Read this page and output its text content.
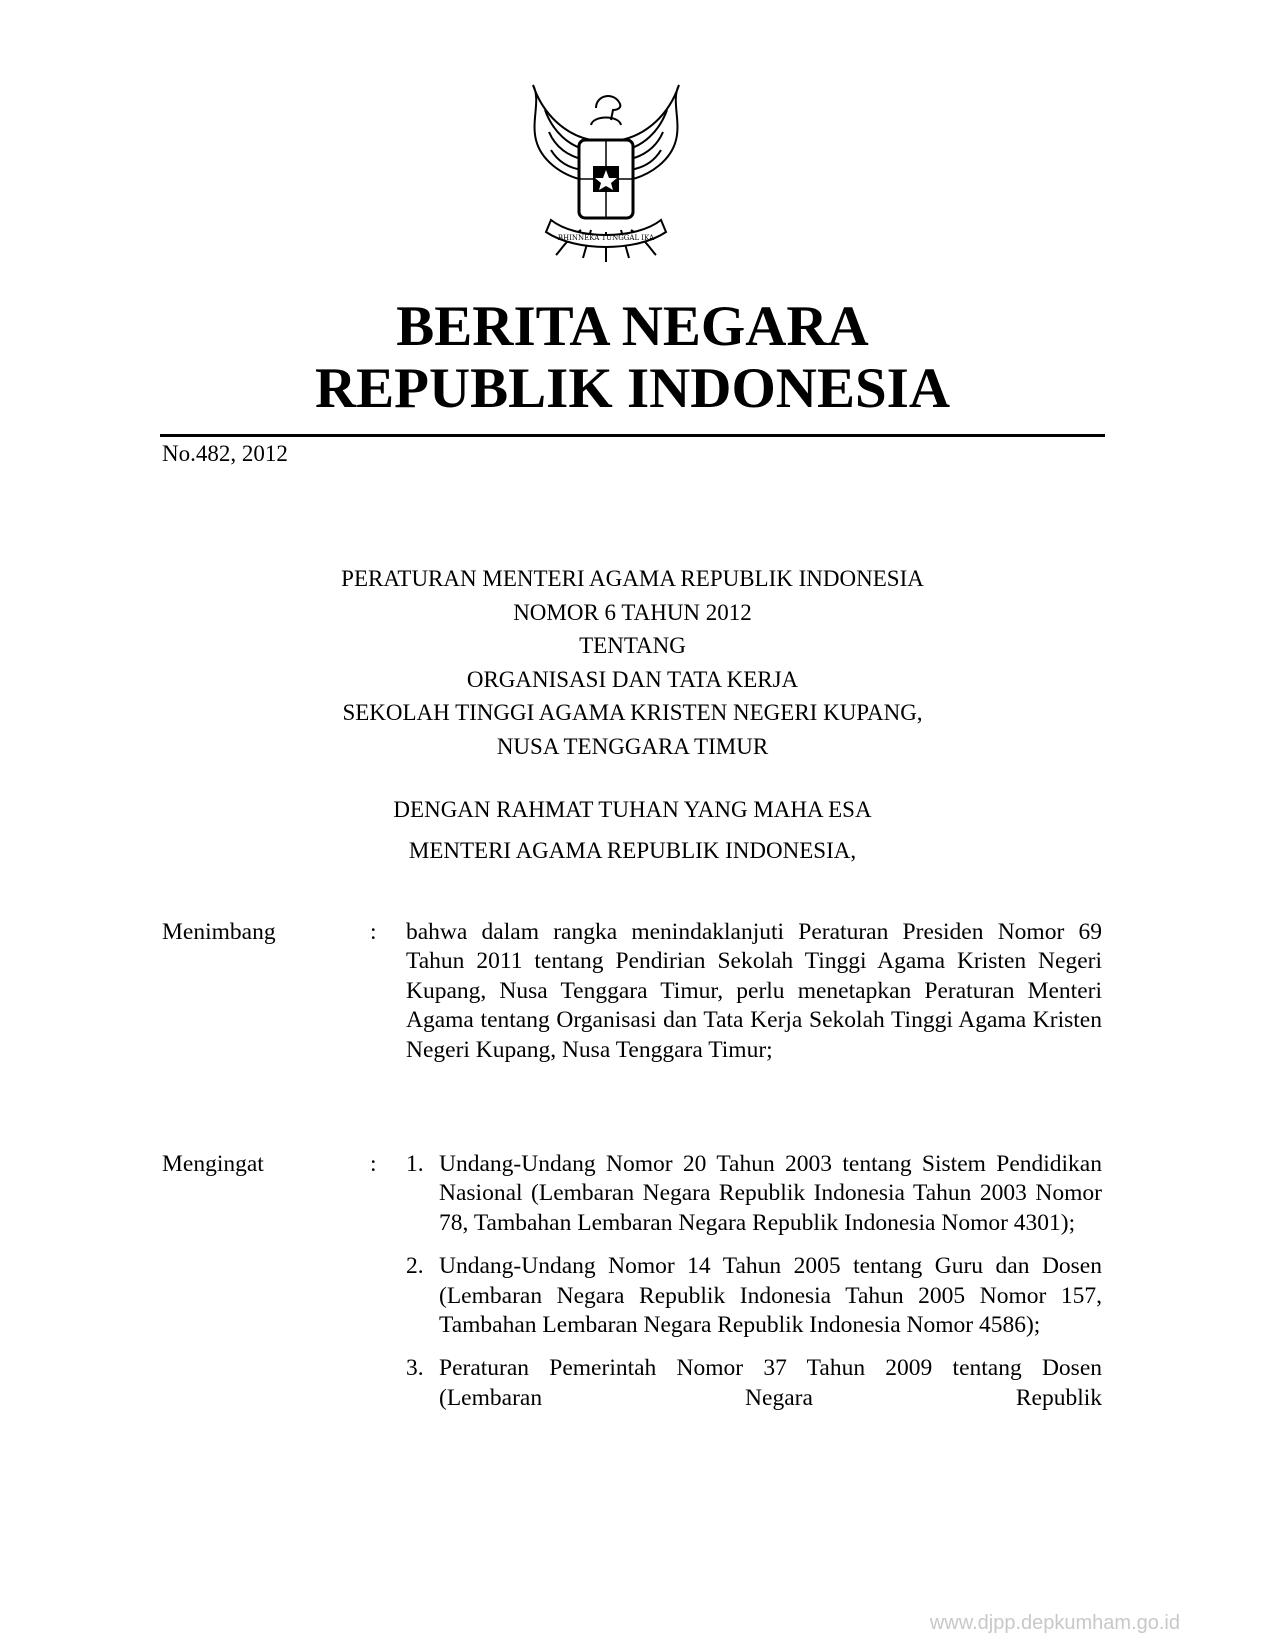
BHINNEKA TUNGGAL IKA
BERITA NEGARA
REPUBLIK INDONESIA
No.482, 2012
PERATURAN MENTERI AGAMA REPUBLIK INDONESIA
NOMOR 6 TAHUN 2012
TENTANG
ORGANISASI DAN TATA KERJA
SEKOLAH TINGGI AGAMA KRISTEN NEGERI KUPANG,
NUSA TENGGARA TIMUR
DENGAN RAHMAT TUHAN YANG MAHA ESA
MENTERI AGAMA REPUBLIK INDONESIA,
Menimbang	: bahwa dalam rangka menindaklanjuti Peraturan Presiden Nomor 69 Tahun 2011 tentang Pendirian Sekolah Tinggi Agama Kristen Negeri Kupang, Nusa Tenggara Timur, perlu menetapkan Peraturan Menteri Agama tentang Organisasi dan Tata Kerja Sekolah Tinggi Agama Kristen Negeri Kupang, Nusa Tenggara Timur;
Mengingat	: 1. Undang-Undang Nomor 20 Tahun 2003 tentang Sistem Pendidikan Nasional (Lembaran Negara Republik Indonesia Tahun 2003 Nomor 78, Tambahan Lembaran Negara Republik Indonesia Nomor 4301);
2. Undang-Undang Nomor 14 Tahun 2005 tentang Guru dan Dosen (Lembaran Negara Republik Indonesia Tahun 2005 Nomor 157, Tambahan Lembaran Negara Republik Indonesia Nomor 4586);
3. Peraturan Pemerintah Nomor 37 Tahun 2009 tentang Dosen (Lembaran Negara Republik
www.djpp.depkumham.go.id
